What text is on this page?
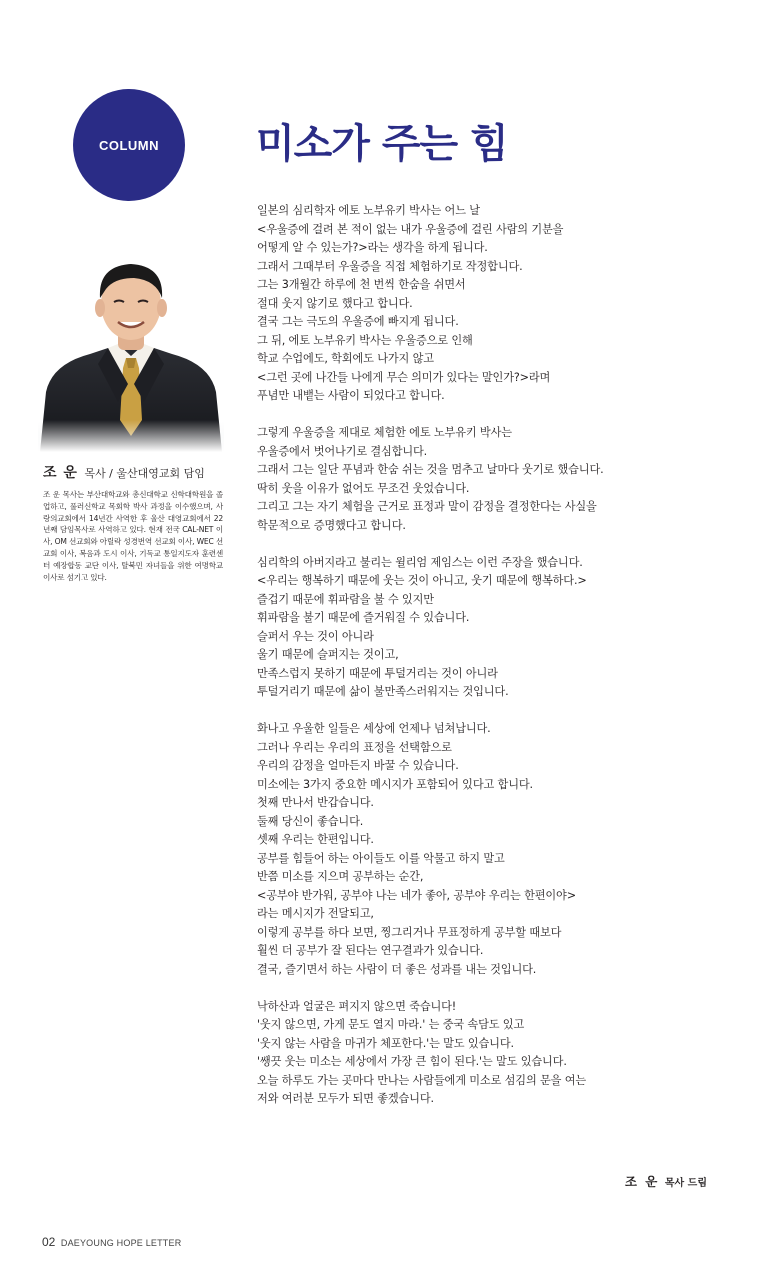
COLUMN 미소가 주는 힘
조 운 목사 / 울산대영교회 담임
조 운 목사는 부산대학교와 총신대학교 신학대학원을 졸업하고, 풀러신학교 목회학 박사 과정을 이수했으며, 사랑의교회에서 14년간 사역한 후 울산 대영교회에서 22년째 담임목사로 사역하고 있다. 현재 전국 CAL-NET 이사, OM 선교회와 아릴락 성경번역 선교회 이사, WEC 선교회 이사, 복음과 도시 이사, 기독교 통일지도자 훈련센터 예장합동 교단 이사, 탈북민 자녀들을 위한 여명학교 이사로 섬기고 있다.
일본의 심리학자 에토 노부유키 박사는 어느 날
<우울증에 걸려 본 적이 없는 내가 우울증에 걸린 사람의 기분을
어떻게 알 수 있는가?>라는 생각을 하게 됩니다.
그래서 그때부터 우울증을 직접 체험하기로 작정합니다.
그는 3개월간 하루에 천 번씩 한숨을 쉬면서
절대 웃지 않기로 했다고 합니다.
결국 그는 극도의 우울증에 빠지게 됩니다.
그 뒤, 에토 노부유키 박사는 우울증으로 인해
학교 수업에도, 학회에도 나가지 않고
<그런 곳에 나간들 나에게 무슨 의미가 있다는 말인가?>라며
푸념만 내뱉는 사람이 되었다고 합니다.
그렇게 우울증을 제대로 체험한 에토 노부유키 박사는
우울증에서 벗어나기로 결심합니다.
그래서 그는 일단 푸념과 한숨 쉬는 것을 멈추고 날마다 웃기로 했습니다.
딱히 웃을 이유가 없어도 무조건 웃었습니다.
그리고 그는 자기 체험을 근거로 표정과 말이 감정을 결정한다는 사실을
학문적으로 증명했다고 합니다.
심리학의 아버지라고 불리는 윌리엄 제임스는 이런 주장을 했습니다.
<우리는 행복하기 때문에 웃는 것이 아니고, 웃기 때문에 행복하다.>
즐겁기 때문에 휘파람을 불 수 있지만
휘파람을 불기 때문에 즐거워질 수 있습니다.
슬퍼서 우는 것이 아니라
울기 때문에 슬퍼지는 것이고,
만족스럽지 못하기 때문에 투덜거리는 것이 아니라
투덜거리기 때문에 삶이 불만족스러워지는 것입니다.
화나고 우울한 일들은 세상에 언제나 넘쳐납니다.
그러나 우리는 우리의 표정을 선택함으로
우리의 감정을 얼마든지 바꿀 수 있습니다.
미소에는 3가지 중요한 메시지가 포함되어 있다고 합니다.
첫째 만나서 반갑습니다.
둘째 당신이 좋습니다.
셋째 우리는 한편입니다.
공부를 힘들어 하는 아이들도 이를 악물고 하지 말고
반쯤 미소를 지으며 공부하는 순간,
<공부야 반가워, 공부야 나는 네가 좋아, 공부야 우리는 한편이야>
라는 메시지가 전달되고,
이렇게 공부를 하다 보면, 찡그리거나 무표정하게 공부할 때보다
훨씬 더 공부가 잘 된다는 연구결과가 있습니다.
결국, 즐기면서 하는 사람이 더 좋은 성과를 내는 것입니다.
낙하산과 얼굴은 펴지지 않으면 죽습니다!
'웃지 않으면, 가게 문도 열지 마라.' 는 중국 속담도 있고
'웃지 않는 사람을 마귀가 체포한다.'는 말도 있습니다.
'쌩끗 웃는 미소는 세상에서 가장 큰 힘이 된다.'는 말도 있습니다.
오늘 하루도 가는 곳마다 만나는 사람들에게 미소로 섬김의 문을 여는
저와 여러분 모두가 되면 좋겠습니다.
조 운 목사 드림
02 DAEYOUNG HOPE LETTER
